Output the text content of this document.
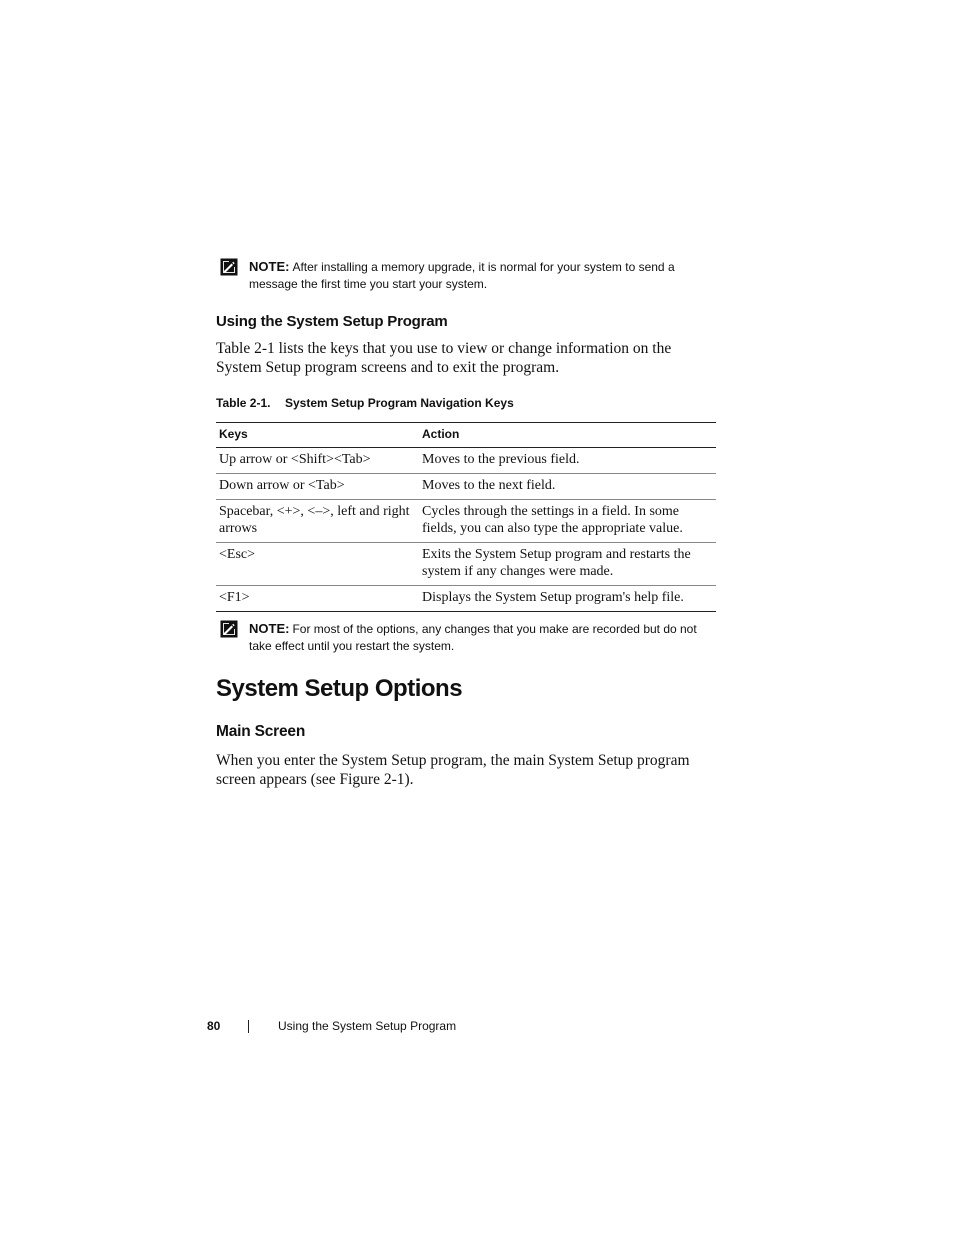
NOTE: After installing a memory upgrade, it is normal for your system to send a message the first time you start your system.
Using the System Setup Program
Table 2-1 lists the keys that you use to view or change information on the System Setup program screens and to exit the program.
Table 2-1. System Setup Program Navigation Keys
Keys	Action
Up arrow or <Shift><Tab>	Moves to the previous field.
Down arrow or <Tab>	Moves to the next field.
Spacebar, <+>, <–>, left and right arrows	Cycles through the settings in a field. In some fields, you can also type the appropriate value.
<Esc>	Exits the System Setup program and restarts the system if any changes were made.
<F1>	Displays the System Setup program's help file.
NOTE: For most of the options, any changes that you make are recorded but do not take effect until you restart the system.
System Setup Options
Main Screen
When you enter the System Setup program, the main System Setup program screen appears (see Figure 2-1).
80	Using the System Setup Program
